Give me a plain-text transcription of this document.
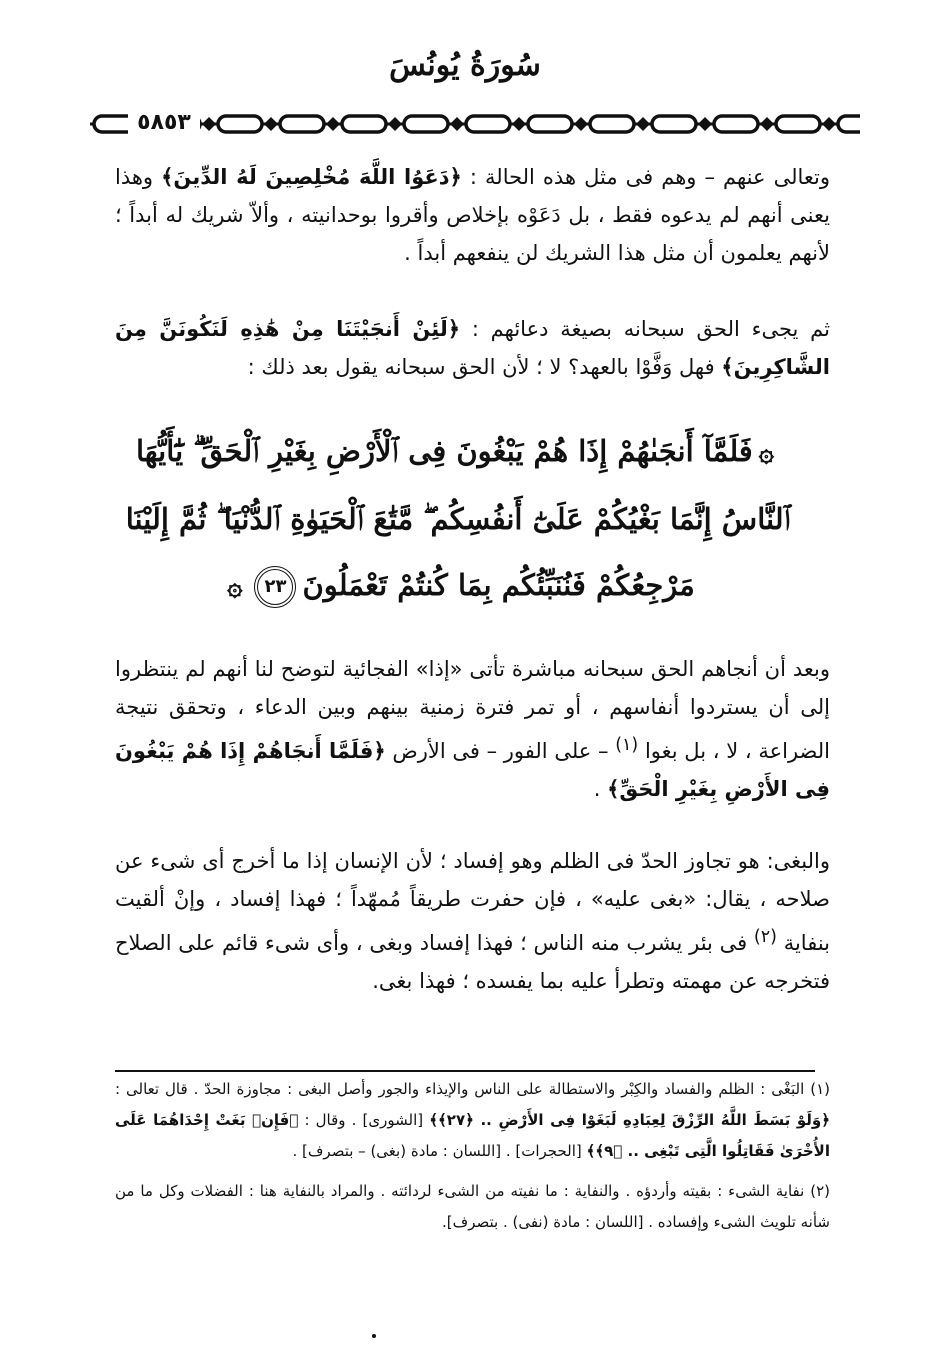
سُورَةُ يُونُسَ
٥٨٥٣

وتعالى عنهم – وهم فى مثل هذه الحالة : ﴿دَعَوُا اللَّهَ مُخْلِصِينَ لَهُ الدِّينَ﴾ وهذا يعنى أنهم لم يدعوه فقط ، بل دَعَوْه بإخلاص وأقروا بوحدانيته ، وألاّ شريك له أبداً ؛ لأنهم يعلمون أن مثل هذا الشريك لن ينفعهم أبداً .

ثم يجىء الحق سبحانه بصيغة دعائهم : ﴿لَئِنْ أَنجَيْتَنَا مِنْ هَٰذِهِ لَنَكُونَنَّ مِنَ الشَّاكِرِينَ﴾ فهل وَفَّوْا بالعهد؟ لا ؛ لأن الحق سبحانه يقول بعد ذلك :

۞فَلَمَّآ أَنجَىٰهُمْ إِذَا هُمْ يَبْغُونَ فِى ٱلْأَرْضِ بِغَيْرِ ٱلْحَقِّ ۗ يَٰٓأَيُّهَا ٱلنَّاسُ إِنَّمَا بَغْيُكُمْ عَلَىٰٓ أَنفُسِكُم ۖ مَّتَٰعَ ٱلْحَيَوٰةِ ٱلدُّنْيَا ۖ ثُمَّ إِلَيْنَا مَرْجِعُكُمْ فَنُنَبِّئُكُم بِمَا كُنتُمْ تَعْمَلُونَ٢٣۞

وبعد أن أنجاهم الحق سبحانه مباشرة تأتى «إذا» الفجائية لتوضح لنا أنهم لم ينتظروا إلى أن يستردوا أنفاسهم ، أو تمر فترة زمنية بينهم وبين الدعاء ، وتحقق نتيجة الضراعة ، لا ، بل بغوا $^{(١)}$ – على الفور – فى الأرض ﴿فَلَمَّا أَنجَاهُمْ إِذَا هُمْ يَبْغُونَ فِى الأَرْضِ بِغَيْرِ الْحَقِّ﴾ .

والبغى: هو تجاوز الحدّ فى الظلم وهو إفساد ؛ لأن الإنسان إذا ما أخرج أى شىء عن صلاحه ، يقال: «بغى عليه» ، فإن حفرت طريقاً مُمهّداً ؛ فهذا إفساد ، وإنْ ألقيت بنفاية $^{(٢)}$ فى بئر يشرب منه الناس ؛ فهذا إفساد وبغى ، وأى شىء قائم على الصلاح فتخرجه عن مهمته وتطرأ عليه بما يفسده ؛ فهذا بغى.

(١) البَغْى : الظلم والفساد والكِبْر والاستطالة على الناس والإيذاء والجور وأصل البغى : مجاوزة الحدّ . قال تعالى : ﴿وَلَوْ بَسَطَ اللَّهُ الرِّزْقَ لِعِبَادِهِ لَبَغَوْا فِى الأَرْضِ .. ﴿٢٧﴾﴾ [الشورى] . وقال : ﴿فَإِنۢ بَغَتْ إِحْدَاهُمَا عَلَى الأُخْرَىٰ فَقَاتِلُوا الَّتِى تَبْغِى .. ﴿٩﴾﴾ [الحجرات] . [اللسان : مادة (بغى) – بتصرف] .

(٢) نفاية الشىء : بقيته وأردؤه . والنفاية : ما نفيته من الشىء لردائته . والمراد بالنفاية هنا : الفضلات وكل ما من شأنه تلويث الشىء وإفساده . [اللسان : مادة (نفى) . بتصرف].
